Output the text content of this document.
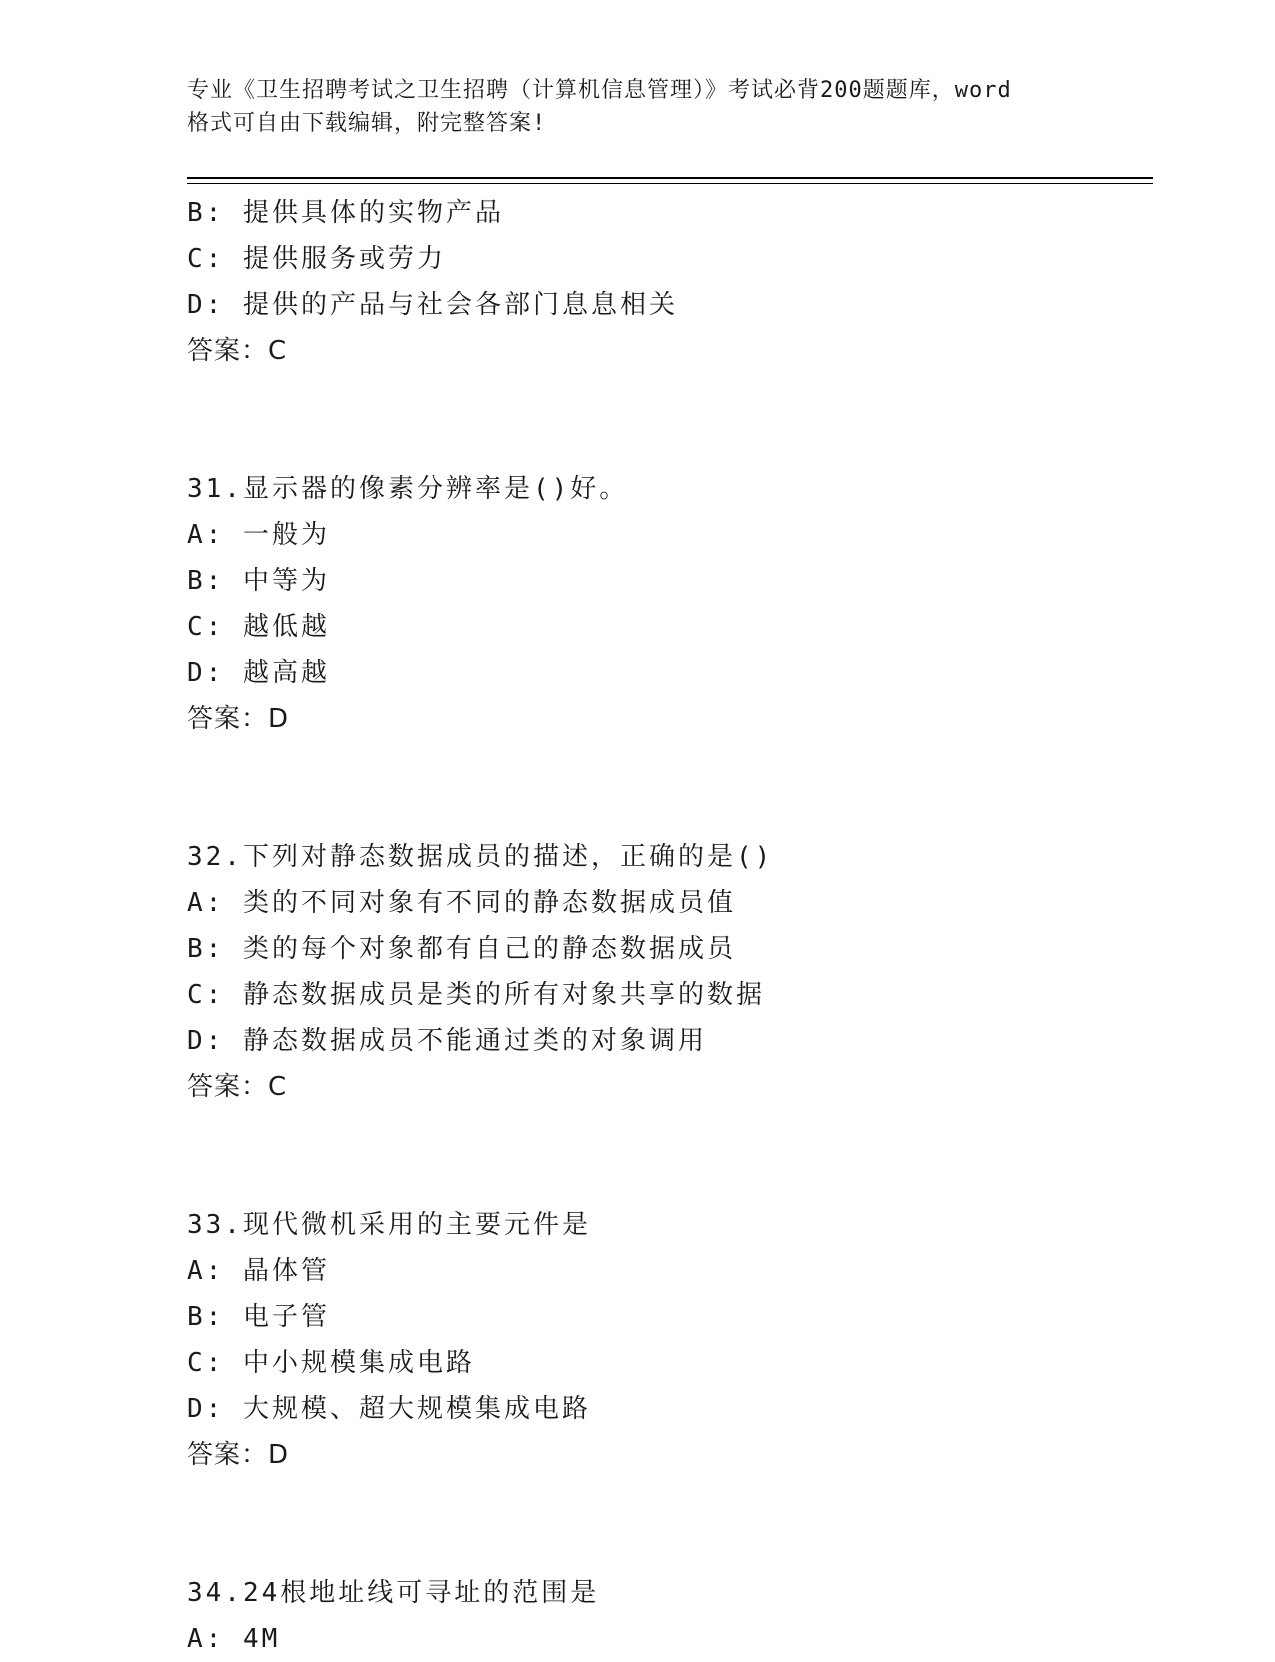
专业《卫生招聘考试之卫生招聘（计算机信息管理）》考试必背200题题库，word
格式可自由下载编辑，附完整答案!
B: 提供具体的实物产品
C: 提供服务或劳力
D: 提供的产品与社会各部门息息相关
答案：C
31.显示器的像素分辨率是()好。
A: 一般为
B: 中等为
C: 越低越
D: 越高越
答案：D
32.下列对静态数据成员的描述，正确的是()
A: 类的不同对象有不同的静态数据成员值
B: 类的每个对象都有自己的静态数据成员
C: 静态数据成员是类的所有对象共享的数据
D: 静态数据成员不能通过类的对象调用
答案：C
33.现代微机采用的主要元件是
A: 晶体管
B: 电子管
C: 中小规模集成电路
D: 大规模、超大规模集成电路
答案：D
34.24根地址线可寻址的范围是
A: 4M
